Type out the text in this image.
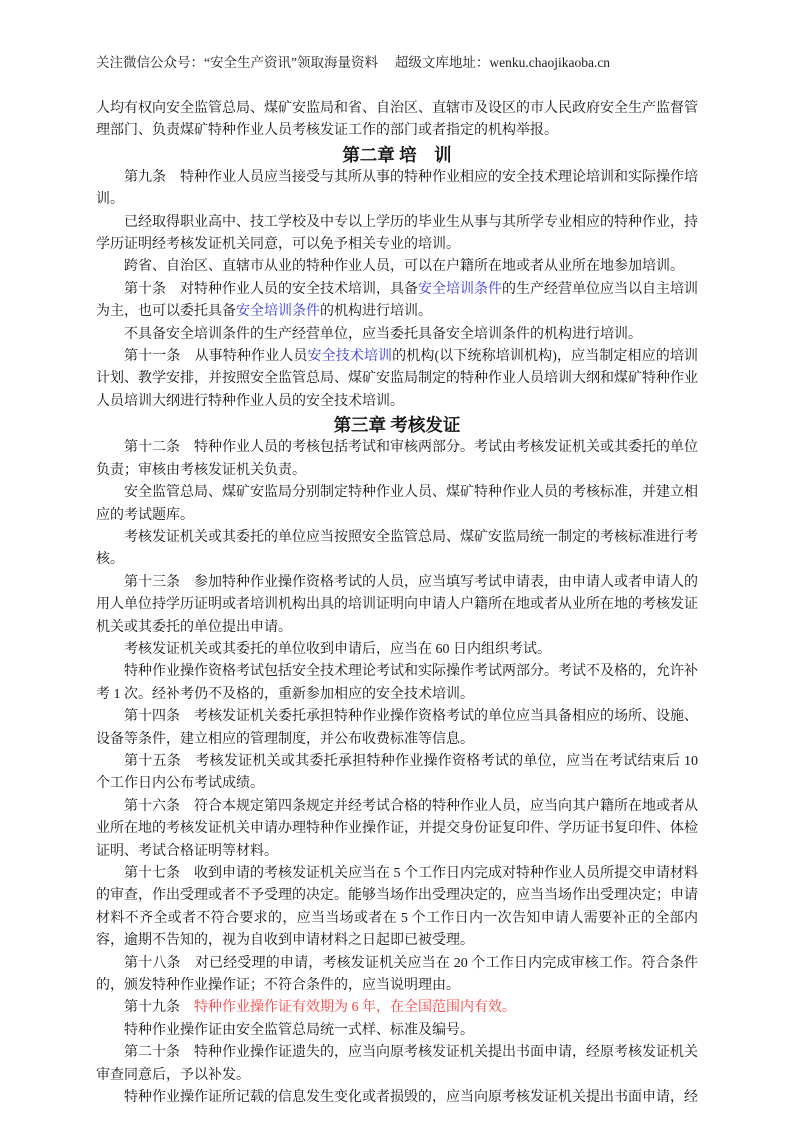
关注微信公众号：“安全生产资讯”领取海量资料　 超级文库地址：wenku.chaojikaoba.cn

人均有权向安全监管总局、煤矿安监局和省、自治区、直辖市及设区的市人民政府安全生产监督管理部门、负责煤矿特种作业人员考核发证工作的部门或者指定的机构举报。

第二章 培　训

第九条　特种作业人员应当接受与其所从事的特种作业相应的安全技术理论培训和实际操作培训。

已经取得职业高中、技工学校及中专以上学历的毕业生从事与其所学专业相应的特种作业，持学历证明经考核发证机关同意，可以免予相关专业的培训。

跨省、自治区、直辖市从业的特种作业人员，可以在户籍所在地或者从业所在地参加培训。

第十条　对特种作业人员的安全技术培训，具备安全培训条件的生产经营单位应当以自主培训为主，也可以委托具备安全培训条件的机构进行培训。

不具备安全培训条件的生产经营单位，应当委托具备安全培训条件的机构进行培训。

第十一条　从事特种作业人员安全技术培训的机构(以下统称培训机构)，应当制定相应的培训计划、教学安排，并按照安全监管总局、煤矿安监局制定的特种作业人员培训大纲和煤矿特种作业人员培训大纲进行特种作业人员的安全技术培训。

第三章 考核发证

第十二条　特种作业人员的考核包括考试和审核两部分。考试由考核发证机关或其委托的单位负责；审核由考核发证机关负责。

安全监管总局、煤矿安监局分别制定特种作业人员、煤矿特种作业人员的考核标准，并建立相应的考试题库。

考核发证机关或其委托的单位应当按照安全监管总局、煤矿安监局统一制定的考核标准进行考核。

第十三条　参加特种作业操作资格考试的人员，应当填写考试申请表，由申请人或者申请人的用人单位持学历证明或者培训机构出具的培训证明向申请人户籍所在地或者从业所在地的考核发证机关或其委托的单位提出申请。

考核发证机关或其委托的单位收到申请后，应当在 60 日内组织考试。

特种作业操作资格考试包括安全技术理论考试和实际操作考试两部分。考试不及格的，允许补考 1 次。经补考仍不及格的，重新参加相应的安全技术培训。

第十四条　考核发证机关委托承担特种作业操作资格考试的单位应当具备相应的场所、设施、设备等条件，建立相应的管理制度，并公布收费标准等信息。

第十五条　考核发证机关或其委托承担特种作业操作资格考试的单位，应当在考试结束后 10 个工作日内公布考试成绩。

第十六条　符合本规定第四条规定并经考试合格的特种作业人员，应当向其户籍所在地或者从业所在地的考核发证机关申请办理特种作业操作证，并提交身份证复印件、学历证书复印件、体检证明、考试合格证明等材料。

第十七条　收到申请的考核发证机关应当在 5 个工作日内完成对特种作业人员所提交申请材料的审查，作出受理或者不予受理的决定。能够当场作出受理决定的，应当当场作出受理决定；申请材料不齐全或者不符合要求的，应当当场或者在 5 个工作日内一次告知申请人需要补正的全部内容，逾期不告知的，视为自收到申请材料之日起即已被受理。

第十八条　对已经受理的申请，考核发证机关应当在 20 个工作日内完成审核工作。符合条件的，颁发特种作业操作证；不符合条件的，应当说明理由。

第十九条　特种作业操作证有效期为 6 年，在全国范围内有效。

特种作业操作证由安全监管总局统一式样、标准及编号。

第二十条　特种作业操作证遗失的，应当向原考核发证机关提出书面申请，经原考核发证机关审查同意后，予以补发。

特种作业操作证所记载的信息发生变化或者损毁的，应当向原考核发证机关提出书面申请，经
